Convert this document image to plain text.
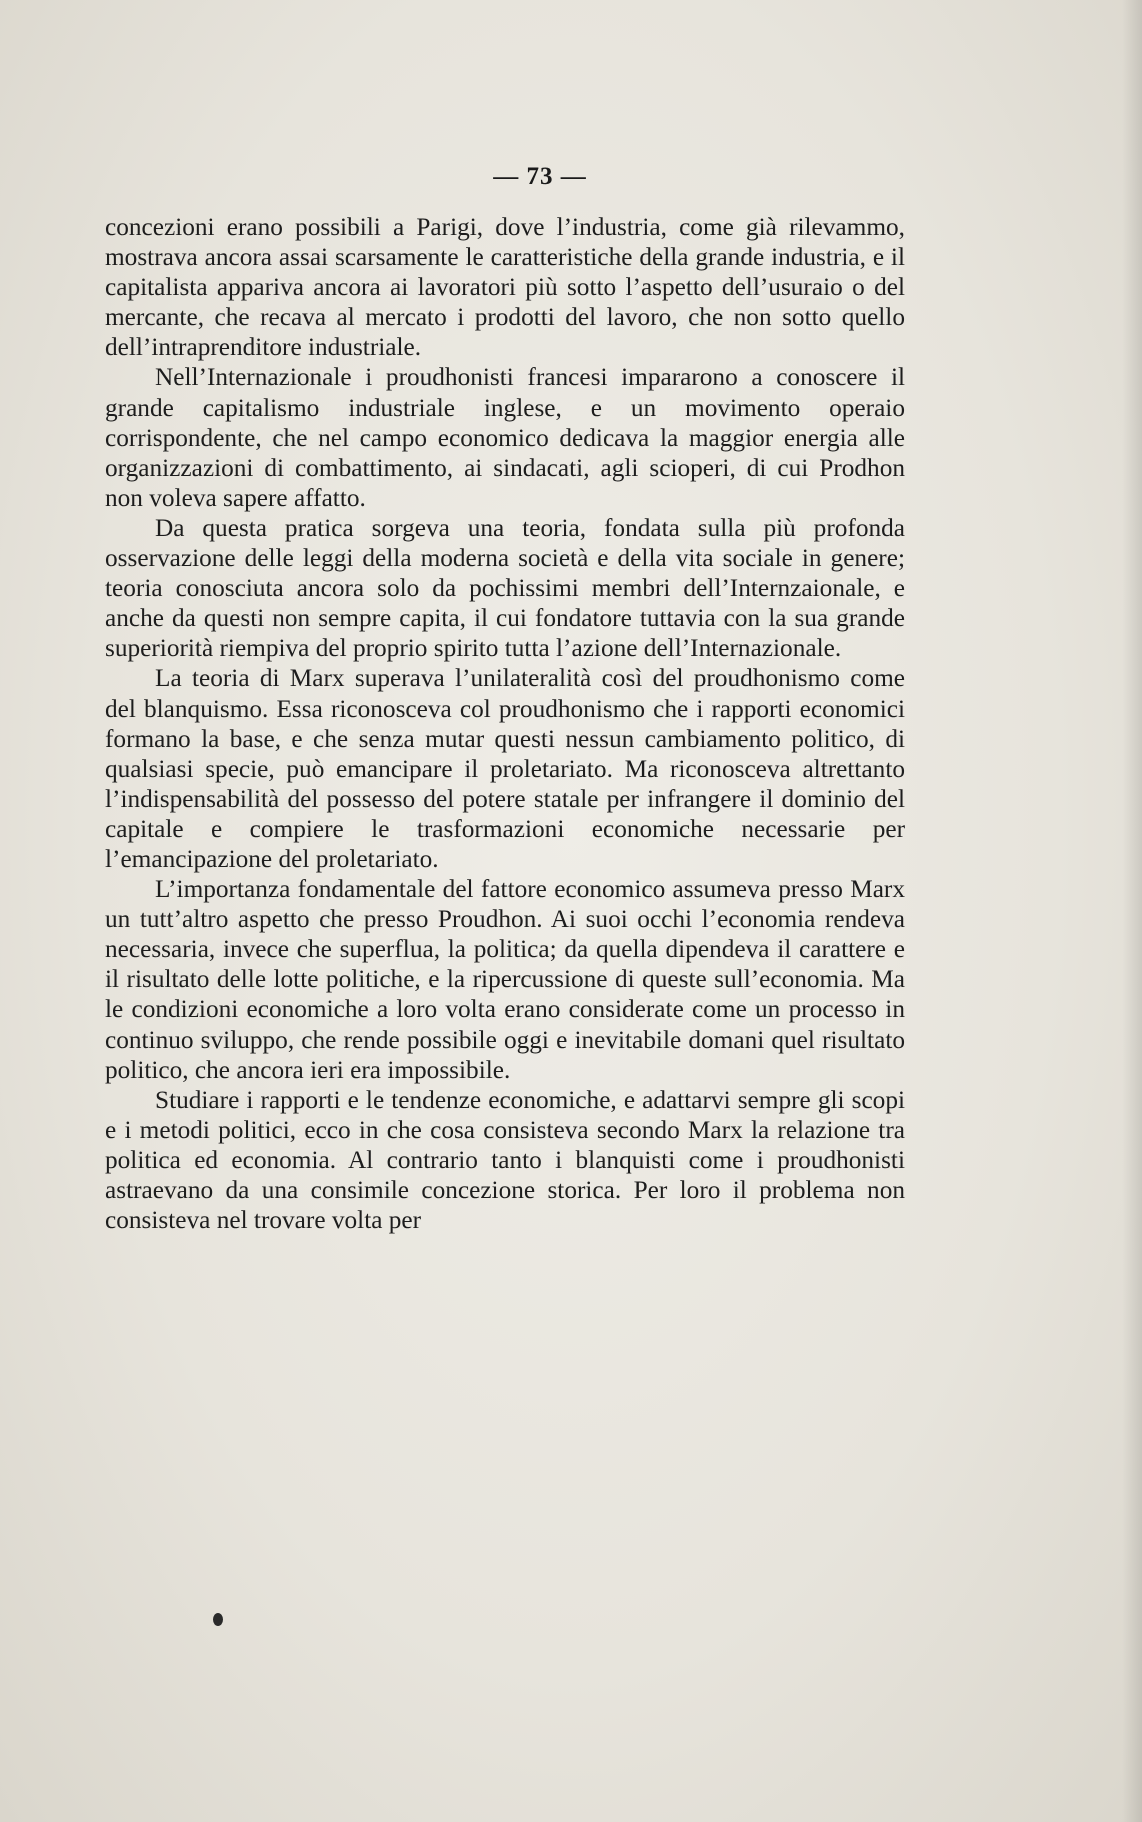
— 73 —

concezioni erano possibili a Parigi, dove l’industria, come già rilevammo, mostrava ancora assai scarsamente le caratteristiche della grande industria, e il capitalista appariva ancora ai lavoratori più sotto l’aspetto dell’usuraio o del mercante, che recava al mercato i prodotti del lavoro, che non sotto quello dell’intraprenditore industriale.

Nell’Internazionale i proudhonisti francesi impararono a conoscere il grande capitalismo industriale inglese, e un movimento operaio corrispondente, che nel campo economico dedicava la maggior energia alle organizzazioni di combattimento, ai sindacati, agli scioperi, di cui Prodhon non voleva sapere affatto.

Da questa pratica sorgeva una teoria, fondata sulla più profonda osservazione delle leggi della moderna società e della vita sociale in genere; teoria conosciuta ancora solo da pochissimi membri dell’Internzaionale, e anche da questi non sempre capita, il cui fondatore tuttavia con la sua grande superiorità riempiva del proprio spirito tutta l’azione dell’Internazionale.

La teoria di Marx superava l’unilateralità così del proudhonismo come del blanquismo. Essa riconosceva col proudhonismo che i rapporti economici formano la base, e che senza mutar questi nessun cambiamento politico, di qualsiasi specie, può emancipare il proletariato. Ma riconosceva altrettanto l’indispensabilità del possesso del potere statale per infrangere il dominio del capitale e compiere le trasformazioni economiche necessarie per l’emancipazione del proletariato.

L’importanza fondamentale del fattore economico assumeva presso Marx un tutt’altro aspetto che presso Proudhon. Ai suoi occhi l’economia rendeva necessaria, invece che superflua, la politica; da quella dipendeva il carattere e il risultato delle lotte politiche, e la ripercussione di queste sull’economia. Ma le condizioni economiche a loro volta erano considerate come un processo in continuo sviluppo, che rende possibile oggi e inevitabile domani quel risultato politico, che ancora ieri era impossibile.

Studiare i rapporti e le tendenze economiche, e adattarvi sempre gli scopi e i metodi politici, ecco in che cosa consisteva secondo Marx la relazione tra politica ed economia. Al contrario tanto i blanquisti come i proudhonisti astraevano da una consimile concezione storica. Per loro il problema non consisteva nel trovare volta per
